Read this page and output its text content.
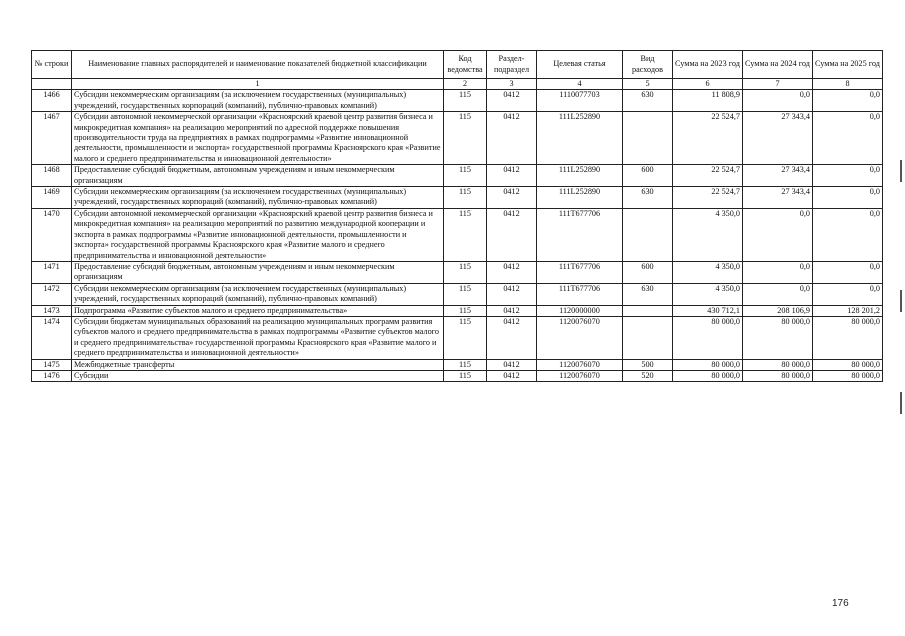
№ строки	Наименование главных распорядителей и наименование показателей бюджетной классификации	Код ведомства	Раздел-подраздел	Целевая статья	Вид расходов	Сумма на 2023 год	Сумма на 2024 год	Сумма на 2025 год
	1	2	3	4	5	6	7	8
1466	Субсидии некоммерческим организациям (за исключением государственных (муниципальных) учреждений, государственных корпораций (компаний), публично-правовых компаний)	115	0412	1110077703	630	11 808,9	0,0	0,0
1467	Субсидии автономной некоммерческой организации «Красноярский краевой центр развития бизнеса и микрокредитная компания» на реализацию мероприятий по адресной поддержке повышения производительности труда на предприятиях в рамках подпрограммы «Развитие инновационной деятельности, промышленности и экспорта» государственной программы Красноярского края «Развитие малого и среднего предпринимательства и инновационной деятельности»	115	0412	111L252890		22 524,7	27 343,4	0,0
1468	Предоставление субсидий бюджетным, автономным учреждениям и иным некоммерческим организациям	115	0412	111L252890	600	22 524,7	27 343,4	0,0
1469	Субсидии некоммерческим организациям (за исключением государственных (муниципальных) учреждений, государственных корпораций (компаний), публично-правовых компаний)	115	0412	111L252890	630	22 524,7	27 343,4	0,0
1470	Субсидии автономной некоммерческой организации «Красноярский краевой центр развития бизнеса и микрокредитная компания» на реализацию мероприятий по развитию международной кооперации и экспорта в рамках подпрограммы «Развитие инновационной деятельности, промышленности и экспорта» государственной программы Красноярского края «Развитие малого и среднего предпринимательства и инновационной деятельности»	115	0412	111T677706		4 350,0	0,0	0,0
1471	Предоставление субсидий бюджетным, автономным учреждениям и иным некоммерческим организациям	115	0412	111T677706	600	4 350,0	0,0	0,0
1472	Субсидии некоммерческим организациям (за исключением государственных (муниципальных) учреждений, государственных корпораций (компаний), публично-правовых компаний)	115	0412	111T677706	630	4 350,0	0,0	0,0
1473	Подпрограмма «Развитие субъектов малого и среднего предпринимательства»	115	0412	1120000000		430 712,1	208 106,9	128 201,2
1474	Субсидии бюджетам муниципальных образований на реализацию муниципальных программ развития субъектов малого и среднего предпринимательства в рамках подпрограммы «Развитие субъектов малого и среднего предпринимательства» государственной программы Красноярского края «Развитие малого и среднего предпринимательства и инновационной деятельности»	115	0412	1120076070		80 000,0	80 000,0	80 000,0
1475	Межбюджетные трансферты	115	0412	1120076070	500	80 000,0	80 000,0	80 000,0
1476	Субсидии	115	0412	1120076070	520	80 000,0	80 000,0	80 000,0
176
